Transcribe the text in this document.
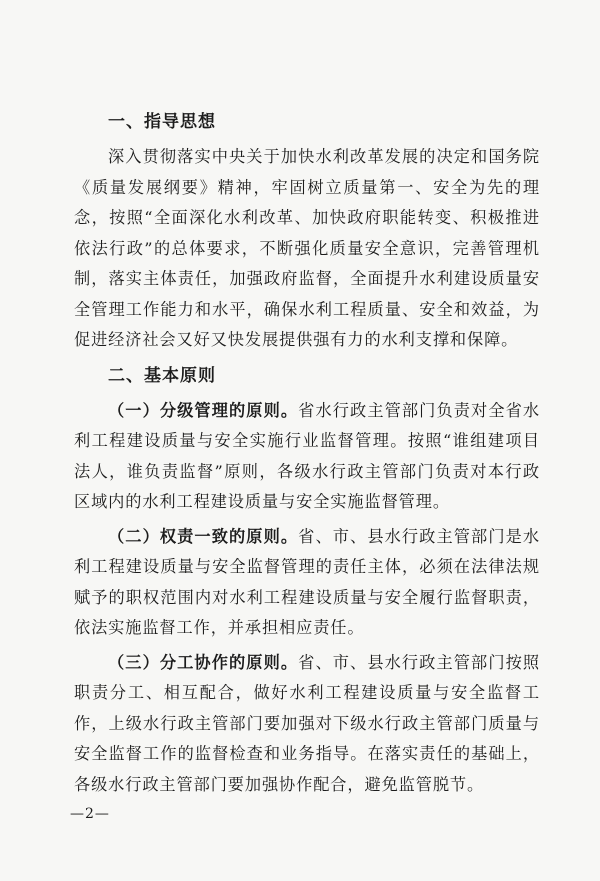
一、指导思想

深入贯彻落实中央关于加快水利改革发展的决定和国务院《质量发展纲要》精神，牢固树立质量第一、安全为先的理念，按照“全面深化水利改革、加快政府职能转变、积极推进依法行政”的总体要求，不断强化质量安全意识，完善管理机制，落实主体责任，加强政府监督，全面提升水利建设质量安全管理工作能力和水平，确保水利工程质量、安全和效益，为促进经济社会又好又快发展提供强有力的水利支撑和保障。

二、基本原则

（一）分级管理的原则。省水行政主管部门负责对全省水利工程建设质量与安全实施行业监督管理。按照“谁组建项目法人，谁负责监督”原则，各级水行政主管部门负责对本行政区域内的水利工程建设质量与安全实施监督管理。

（二）权责一致的原则。省、市、县水行政主管部门是水利工程建设质量与安全监督管理的责任主体，必须在法律法规赋予的职权范围内对水利工程建设质量与安全履行监督职责，依法实施监督工作，并承担相应责任。

（三）分工协作的原则。省、市、县水行政主管部门按照职责分工、相互配合，做好水利工程建设质量与安全监督工作，上级水行政主管部门要加强对下级水行政主管部门质量与安全监督工作的监督检查和业务指导。在落实责任的基础上，各级水行政主管部门要加强协作配合，避免监管脱节。

—2—
